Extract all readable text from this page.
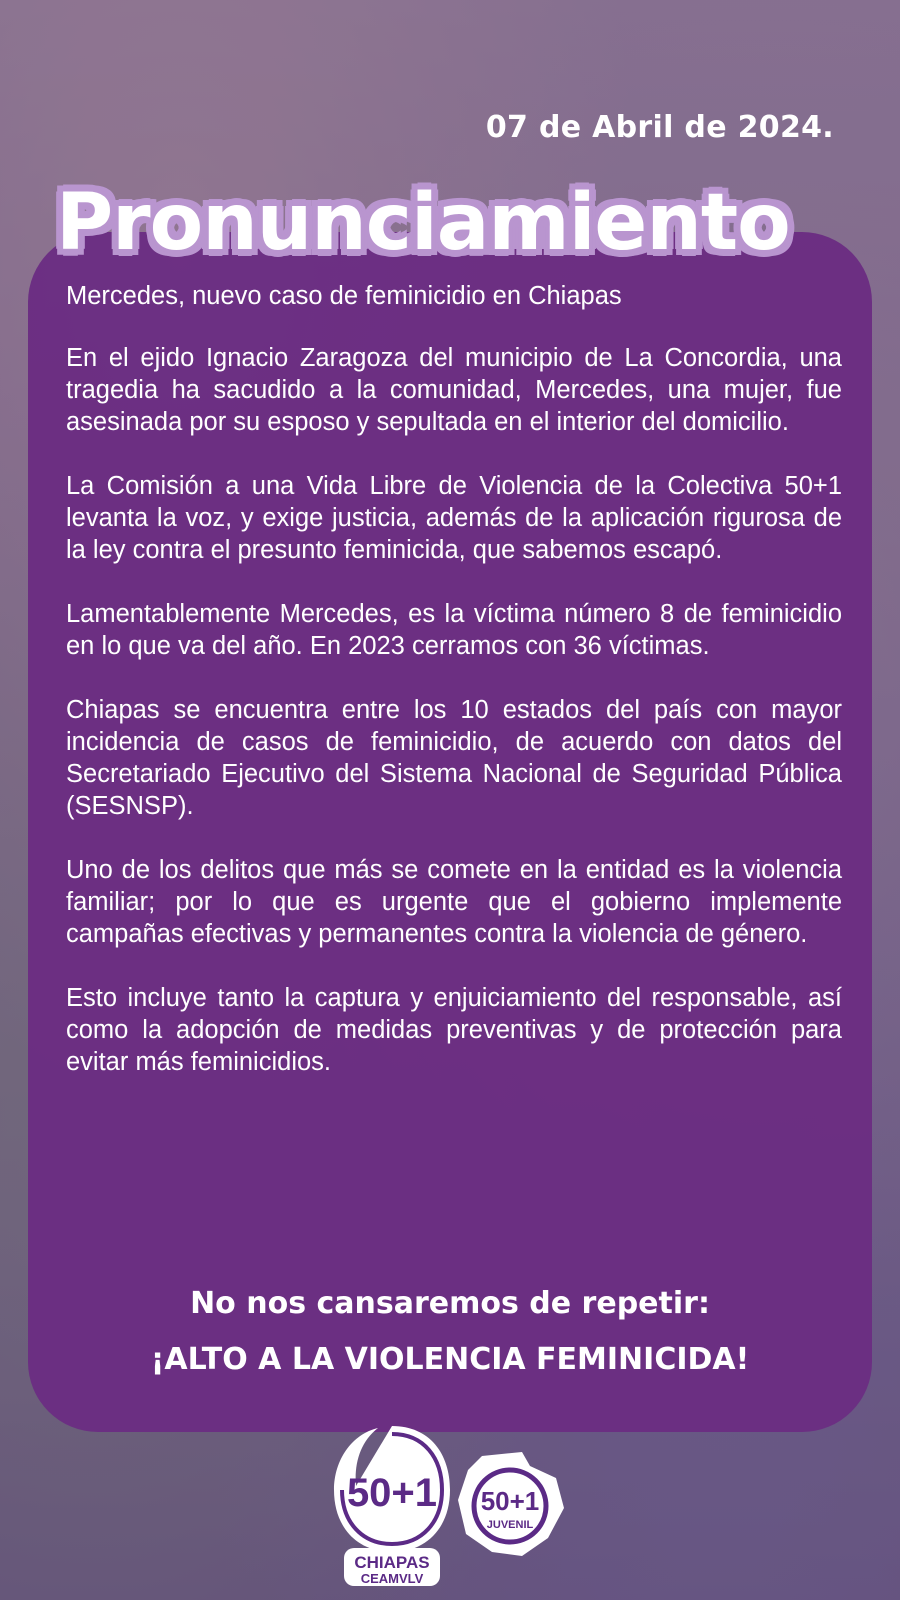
07 de Abril de 2024.
Pronunciamiento

Mercedes, nuevo caso de feminicidio en Chiapas

En el ejido Ignacio Zaragoza del municipio de La Concordia, una tragedia ha sacudido a la comunidad, Mercedes, una mujer, fue asesinada por su esposo y sepultada en el interior del domicilio.

La Comisión a una Vida Libre de Violencia de la Colectiva 50+1 levanta la voz, y exige justicia, además de la aplicación rigurosa de la ley contra el presunto feminicida, que sabemos escapó.

Lamentablemente Mercedes, es la víctima número 8 de feminicidio en lo que va del año. En 2023 cerramos con 36 víctimas.

Chiapas se encuentra entre los 10 estados del país con mayor incidencia de casos de feminicidio, de acuerdo con datos del Secretariado Ejecutivo del Sistema Nacional de Seguridad Pública (SESNSP).

Uno de los delitos que más se comete en la entidad es la violencia familiar; por lo que es urgente que el gobierno implemente campañas efectivas y permanentes contra la violencia de género.

Esto incluye tanto la captura y enjuiciamiento del responsable, así como la adopción de medidas preventivas y de protección para evitar más feminicidios.

No nos cansaremos de repetir:
¡ALTO A LA VIOLENCIA FEMINICIDA!
50+1
CHIAPAS
CEAMVLV
50+1
JUVENIL
